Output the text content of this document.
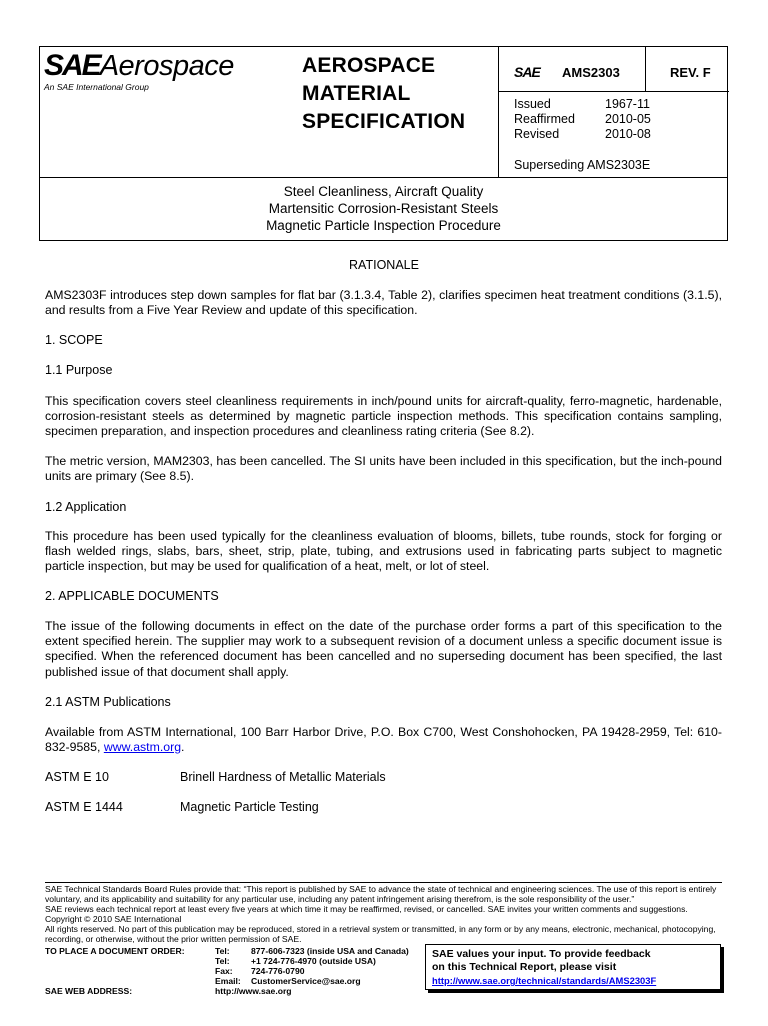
SAEAerospace
An SAE International Group
AEROSPACE
MATERIAL
SPECIFICATION
SAE AMS2303	REV. F
Issued	1967-11
Reaffirmed 2010-05
Revised	2010-08
Superseding AMS2303E
Steel Cleanliness, Aircraft Quality
Martensitic Corrosion-Resistant Steels
Magnetic Particle Inspection Procedure
RATIONALE
AMS2303F introduces step down samples for flat bar (3.1.3.4, Table 2), clarifies specimen heat treatment conditions (3.1.5), and results from a Five Year Review and update of this specification.
1. SCOPE
1.1 Purpose
This specification covers steel cleanliness requirements in inch/pound units for aircraft-quality, ferro-magnetic, hardenable, corrosion-resistant steels as determined by magnetic particle inspection methods. This specification contains sampling, specimen preparation, and inspection procedures and cleanliness rating criteria (See 8.2).
The metric version, MAM2303, has been cancelled. The SI units have been included in this specification, but the inch-pound units are primary (See 8.5).
1.2 Application
This procedure has been used typically for the cleanliness evaluation of blooms, billets, tube rounds, stock for forging or flash welded rings, slabs, bars, sheet, strip, plate, tubing, and extrusions used in fabricating parts subject to magnetic particle inspection, but may be used for qualification of a heat, melt, or lot of steel.
2. APPLICABLE DOCUMENTS
The issue of the following documents in effect on the date of the purchase order forms a part of this specification to the extent specified herein. The supplier may work to a subsequent revision of a document unless a specific document issue is specified. When the referenced document has been cancelled and no superseding document has been specified, the last published issue of that document shall apply.
2.1 ASTM Publications
Available from ASTM International, 100 Barr Harbor Drive, P.O. Box C700, West Conshohocken, PA 19428-2959, Tel: 610-832-9585, www.astm.org.
ASTM E 10	Brinell Hardness of Metallic Materials
ASTM E 1444	Magnetic Particle Testing
SAE Technical Standards Board Rules provide that: “This report is published by SAE to advance the state of technical and engineering sciences. The use of this report is entirely voluntary, and its applicability and suitability for any particular use, including any patent infringement arising therefrom, is the sole responsibility of the user.”
SAE reviews each technical report at least every five years at which time it may be reaffirmed, revised, or cancelled. SAE invites your written comments and suggestions.
Copyright © 2010 SAE International
All rights reserved. No part of this publication may be reproduced, stored in a retrieval system or transmitted, in any form or by any means, electronic, mechanical, photocopying, recording, or otherwise, without the prior written permission of SAE.
TO PLACE A DOCUMENT ORDER:	Tel: 877-606-7323 (inside USA and Canada)
Tel: +1 724-776-4970 (outside USA)
Fax: 724-776-0790
Email: CustomerService@sae.org
SAE WEB ADDRESS:	http://www.sae.org
SAE values your input. To provide feedback
on this Technical Report, please visit
http://www.sae.org/technical/standards/AMS2303F
